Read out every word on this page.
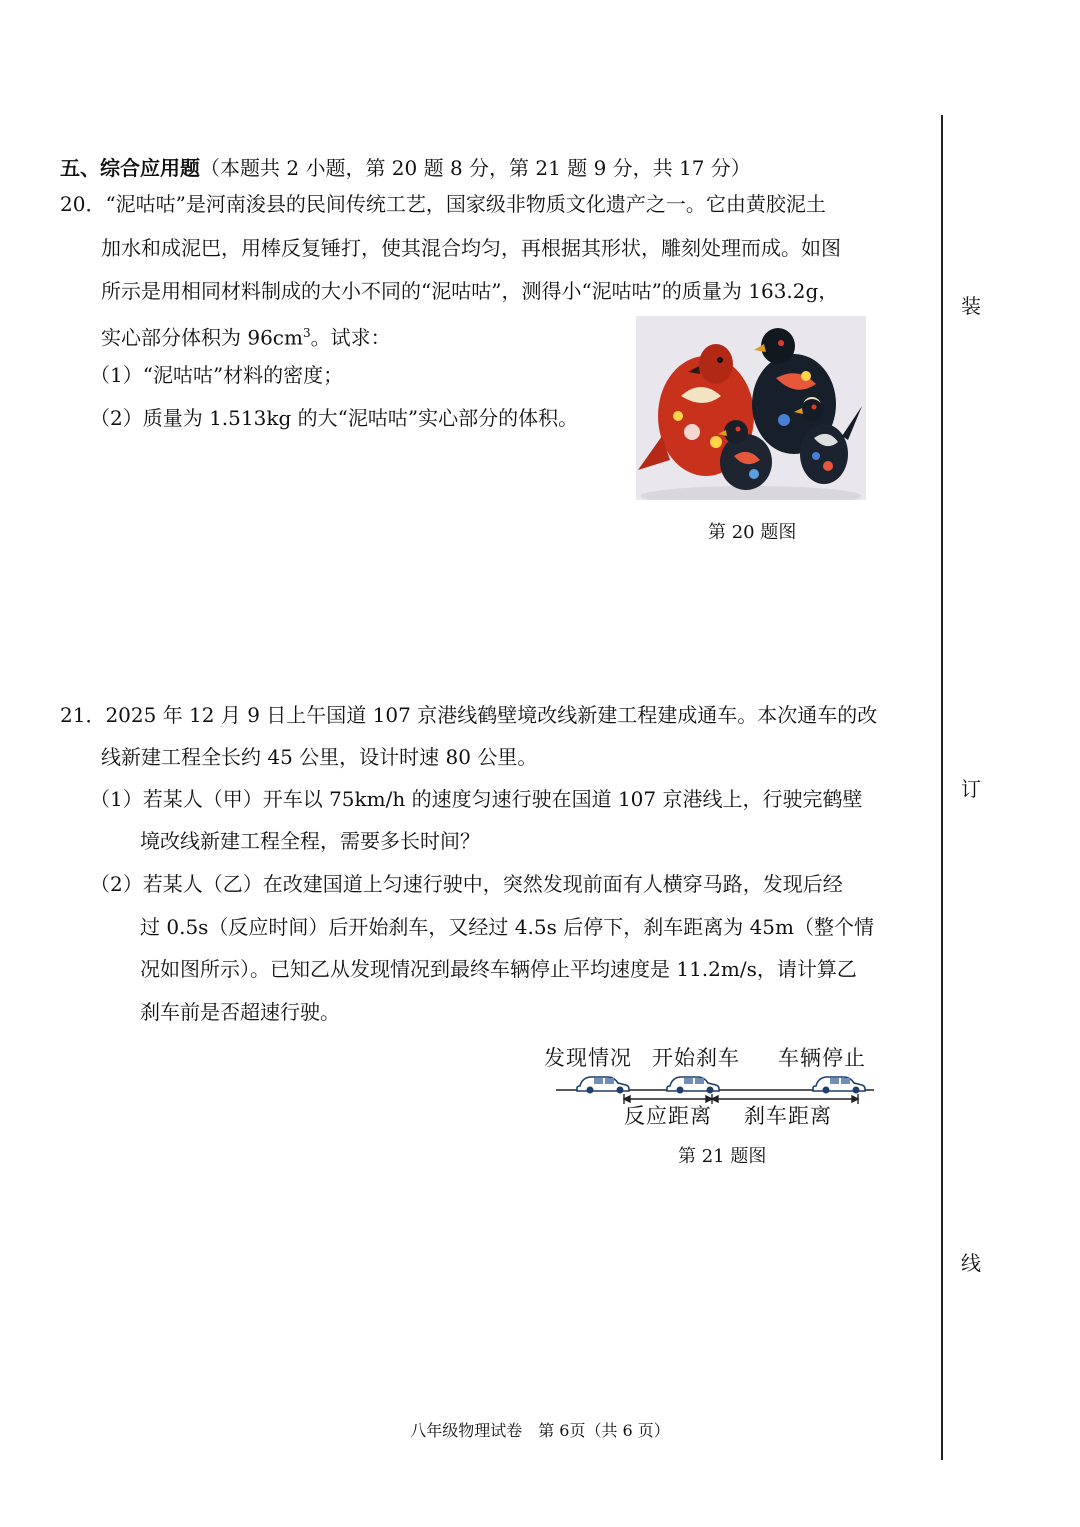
装
订
线
五、综合应用题（本题共 2 小题，第 20 题 8 分，第 21 题 9 分，共 17 分）
20．“泥咕咕”是河南浚县的民间传统工艺，国家级非物质文化遗产之一。它由黄胶泥土
加水和成泥巴，用棒反复锤打，使其混合均匀，再根据其形状，雕刻处理而成。如图
所示是用相同材料制成的大小不同的“泥咕咕”，测得小“泥咕咕”的质量为 163.2g，
实心部分体积为 $96cm^3$。试求：
（1）“泥咕咕”材料的密度；
（2）质量为 1.513kg 的大“泥咕咕”实心部分的体积。
第 20 题图
21．2025 年 12 月 9 日上午国道 107 京港线鹤壁境改线新建工程建成通车。本次通车的改
线新建工程全长约 45 公里，设计时速 80 公里。
（1）若某人（甲）开车以 75km/h 的速度匀速行驶在国道 107 京港线上，行驶完鹤壁
境改线新建工程全程，需要多长时间？
（2）若某人（乙）在改建国道上匀速行驶中，突然发现前面有人横穿马路，发现后经
过 0.5s（反应时间）后开始刹车，又经过 4.5s 后停下，刹车距离为 45m（整个情
况如图所示）。已知乙从发现情况到最终车辆停止平均速度是 11.2m/s，请计算乙
刹车前是否超速行驶。
发现情况 开始刹车 车辆停止
反应距离 刹车距离
第 21 题图
八年级物理试卷　第 6页（共 6 页）
